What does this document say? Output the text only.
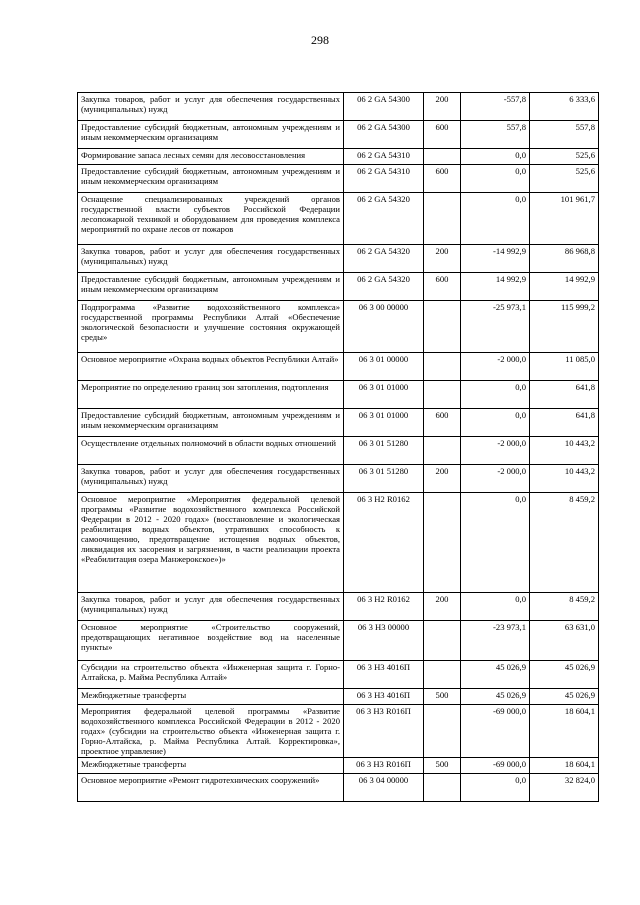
298
Закупка товаров, работ и услуг для обеспечения государственных (муниципальных) нужд	06 2 GA 54300	200	-557,8	6 333,6
Предоставление субсидий бюджетным, автономным учреждениям и иным некоммерческим организациям	06 2 GA 54300	600	557,8	557,8
Формирование запаса лесных семян для лесовосстановления	06 2 GA 54310		0,0	525,6
Предоставление субсидий бюджетным, автономным учреждениям и иным некоммерческим организациям	06 2 GA 54310	600	0,0	525,6
Оснащение специализированных учреждений органов государственной власти субъектов Российской Федерации лесопожарной техникой и оборудованием для проведения комплекса мероприятий по охране лесов от пожаров	06 2 GA 54320		0,0	101 961,7
Закупка товаров, работ и услуг для обеспечения государственных (муниципальных) нужд	06 2 GA 54320	200	-14 992,9	86 968,8
Предоставление субсидий бюджетным, автономным учреждениям и иным некоммерческим организациям	06 2 GA 54320	600	14 992,9	14 992,9
Подпрограмма «Развитие водохозяйственного комплекса» государственной программы Республики Алтай «Обеспечение экологической безопасности и улучшение состояния окружающей среды»	06 3 00 00000		-25 973,1	115 999,2
Основное мероприятие «Охрана водных объектов Республики Алтай»	06 3 01 00000		-2 000,0	11 085,0
Мероприятие по определению границ зон затопления, подтопления	06 3 01 01000		0,0	641,8
Предоставление субсидий бюджетным, автономным учреждениям и иным некоммерческим организациям	06 3 01 01000	600	0,0	641,8
Осуществление отдельных полномочий в области водных отношений	06 3 01 51280		-2 000,0	10 443,2
Закупка товаров, работ и услуг для обеспечения государственных (муниципальных) нужд	06 3 01 51280	200	-2 000,0	10 443,2
Основное мероприятие «Мероприятия федеральной целевой программы «Развитие водохозяйственного комплекса Российской Федерации в 2012 - 2020 годах» (восстановление и экологическая реабилитация водных объектов, утративших способность к самоочищению, предотвращение истощения водных объектов, ликвидация их засорения и загрязнения, в части реализации проекта «Реабилитация озера Манжерокское»)»	06 3 Н2 R0162		0,0	8 459,2
Закупка товаров, работ и услуг для обеспечения государственных (муниципальных) нужд	06 3 Н2 R0162	200	0,0	8 459,2
Основное мероприятие «Строительство сооружений, предотвращающих негативное воздействие вод на населенные пункты»	06 3 Н3 00000		-23 973,1	63 631,0
Субсидии на строительство объекта «Инженерная защита г. Горно-Алтайска, р. Майма Республика Алтай»	06 3 Н3 4016П		45 026,9	45 026,9
Межбюджетные трансферты	06 3 Н3 4016П	500	45 026,9	45 026,9
Мероприятия федеральной целевой программы «Развитие водохозяйственного комплекса Российской Федерации в 2012 - 2020 годах» (субсидии на строительство объекта «Инженерная защита г. Горно-Алтайска, р. Майма Республика Алтай. Корректировка», проектное управление)	06 3 Н3 R016П		-69 000,0	18 604,1
Межбюджетные трансферты	06 3 Н3 R016П	500	-69 000,0	18 604,1
Основное мероприятие «Ремонт гидротехнических сооружений»	06 3 04 00000		0,0	32 824,0
